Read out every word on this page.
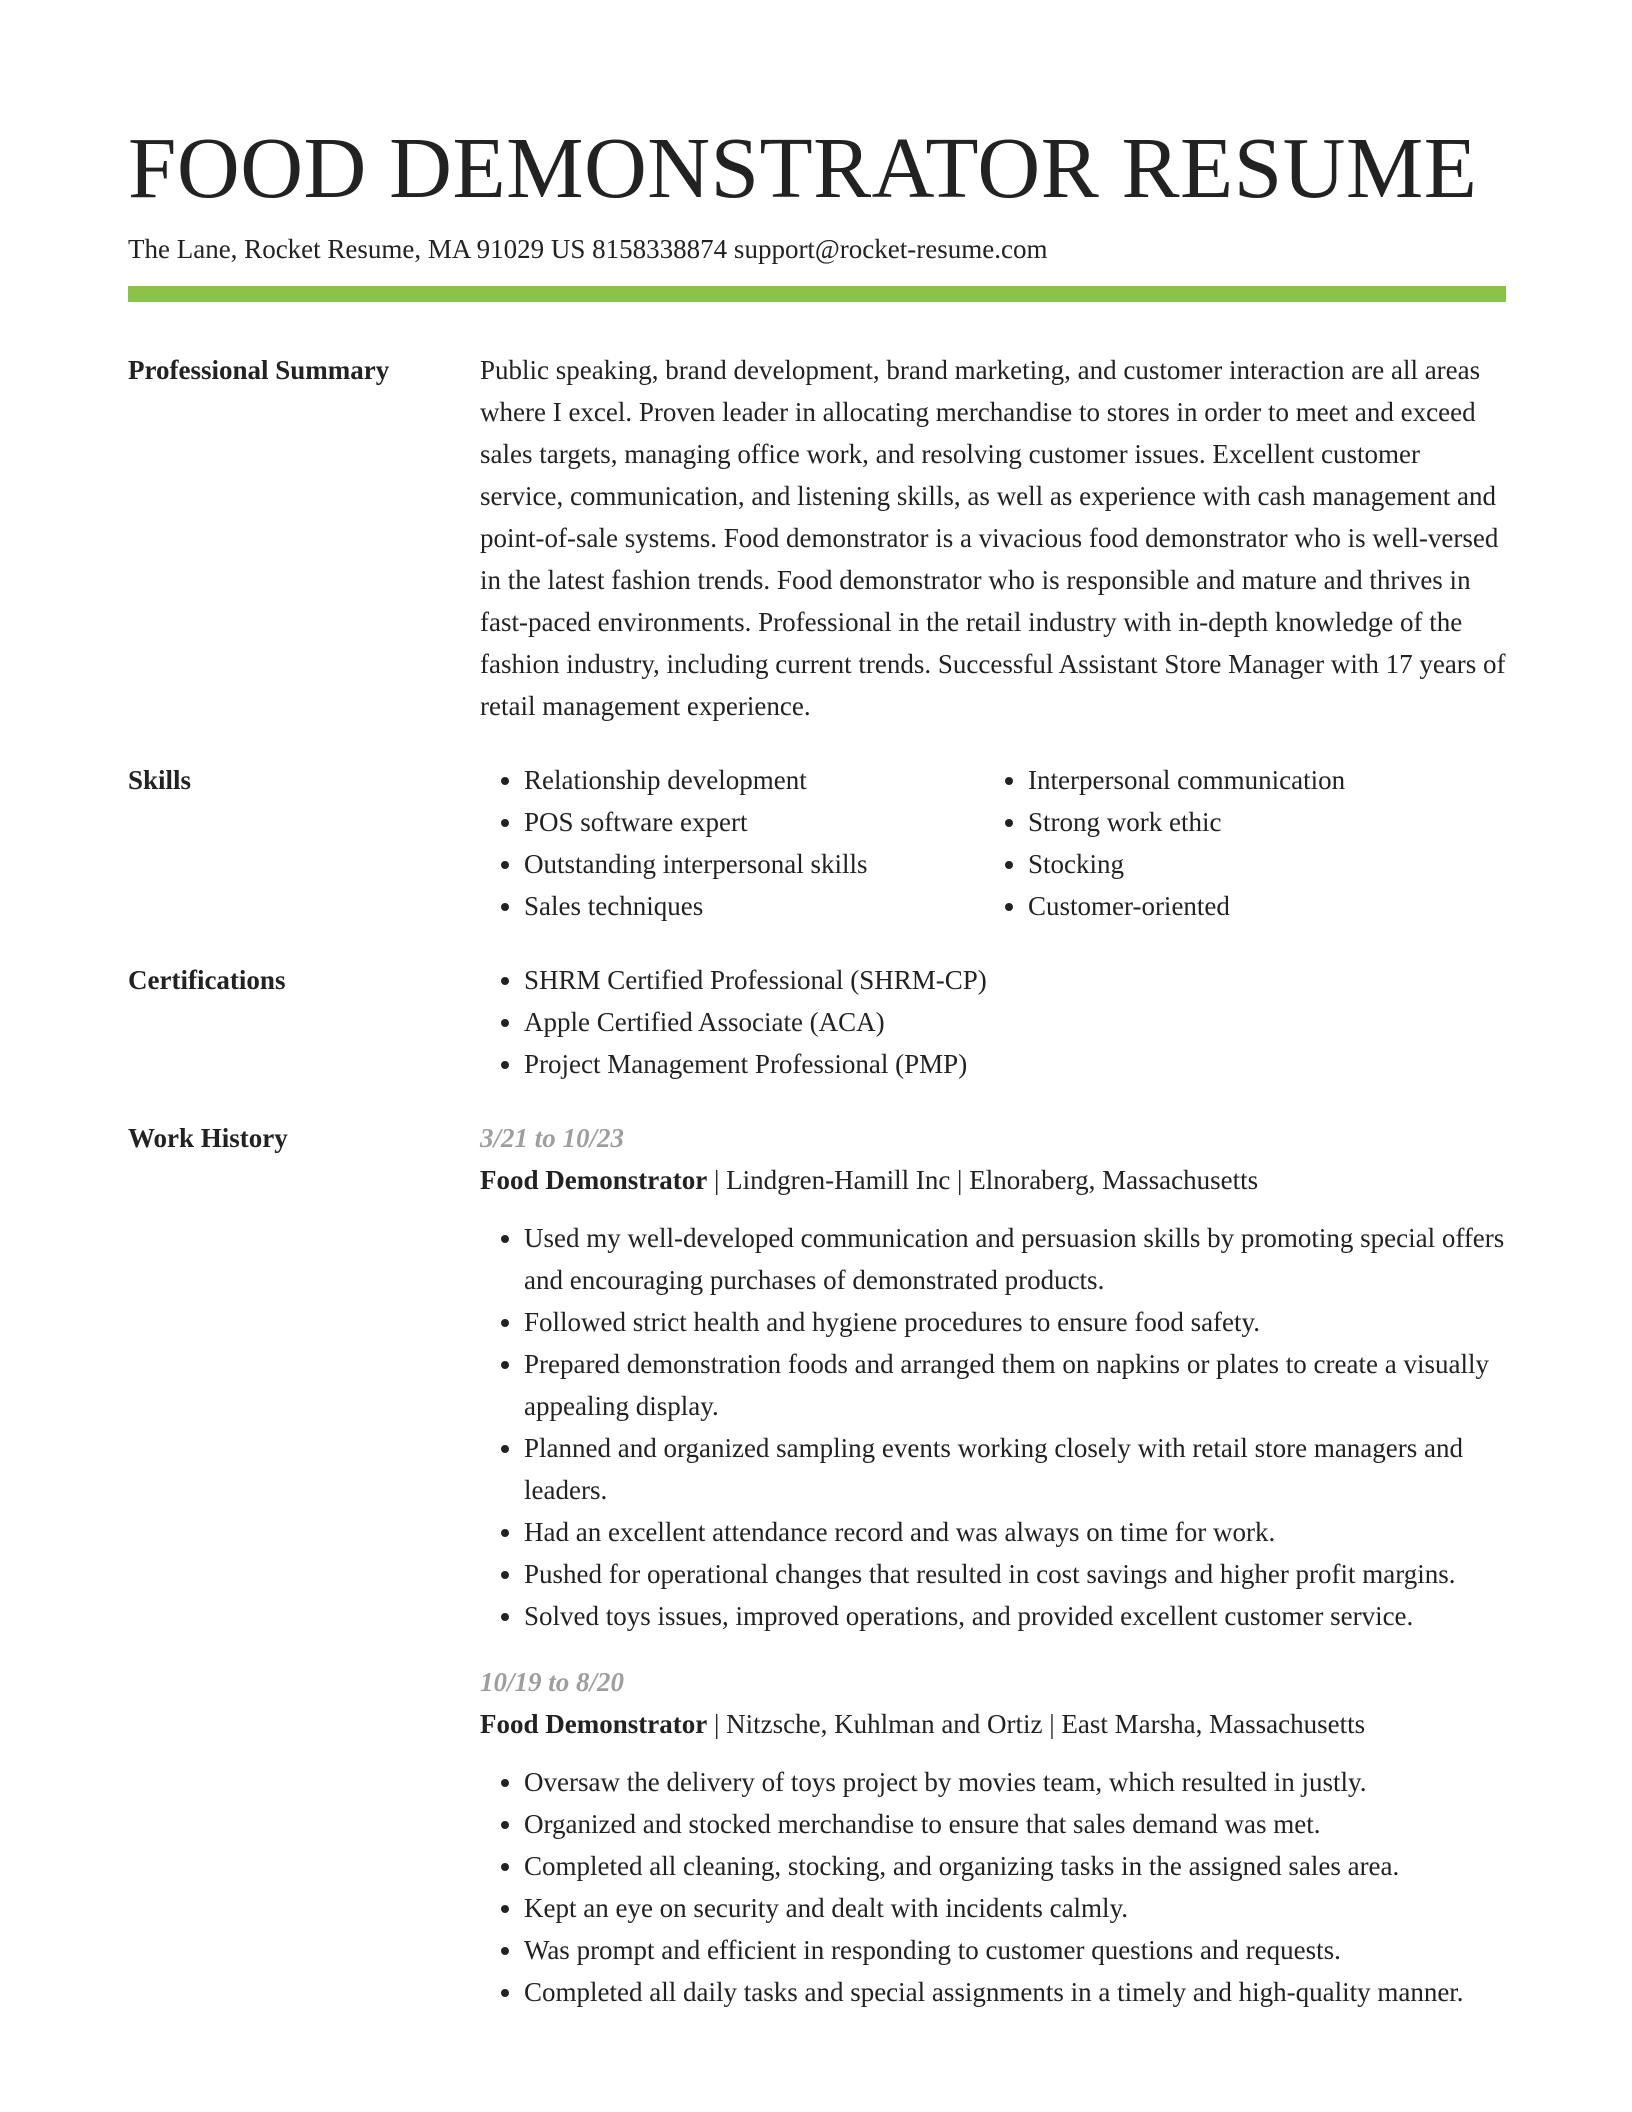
FOOD DEMONSTRATOR RESUME
The Lane, Rocket Resume, MA 91029 US 8158338874 support@rocket-resume.com
Professional Summary	Public speaking, brand development, brand marketing, and customer interaction are all areas where I excel. Proven leader in allocating merchandise to stores in order to meet and exceed sales targets, managing office work, and resolving customer issues. Excellent customer service, communication, and listening skills, as well as experience with cash management and point-of-sale systems. Food demonstrator is a vivacious food demonstrator who is well-versed in the latest fashion trends. Food demonstrator who is responsible and mature and thrives in fast-paced environments. Professional in the retail industry with in-depth knowledge of the fashion industry, including current trends. Successful Assistant Store Manager with 17 years of retail management experience.

Skills	• Relationship development
• POS software expert
• Outstanding interpersonal skills
• Sales techniques
• Interpersonal communication
• Strong work ethic
• Stocking
• Customer-oriented
Certifications	• SHRM Certified Professional (SHRM-CP)
• Apple Certified Associate (ACA)
• Project Management Professional (PMP)
Work History	3/21 to 10/23
Food Demonstrator | Lindgren-Hamill Inc | Elnoraberg, Massachusetts
• Used my well-developed communication and persuasion skills by promoting special offers and encouraging purchases of demonstrated products.
• Followed strict health and hygiene procedures to ensure food safety.
• Prepared demonstration foods and arranged them on napkins or plates to create a visually appealing display.
• Planned and organized sampling events working closely with retail store managers and leaders.
• Had an excellent attendance record and was always on time for work.
• Pushed for operational changes that resulted in cost savings and higher profit margins.
• Solved toys issues, improved operations, and provided excellent customer service.
10/19 to 8/20
Food Demonstrator | Nitzsche, Kuhlman and Ortiz | East Marsha, Massachusetts
• Oversaw the delivery of toys project by movies team, which resulted in justly.
• Organized and stocked merchandise to ensure that sales demand was met.
• Completed all cleaning, stocking, and organizing tasks in the assigned sales area.
• Kept an eye on security and dealt with incidents calmly.
• Was prompt and efficient in responding to customer questions and requests.
• Completed all daily tasks and special assignments in a timely and high-quality manner.
